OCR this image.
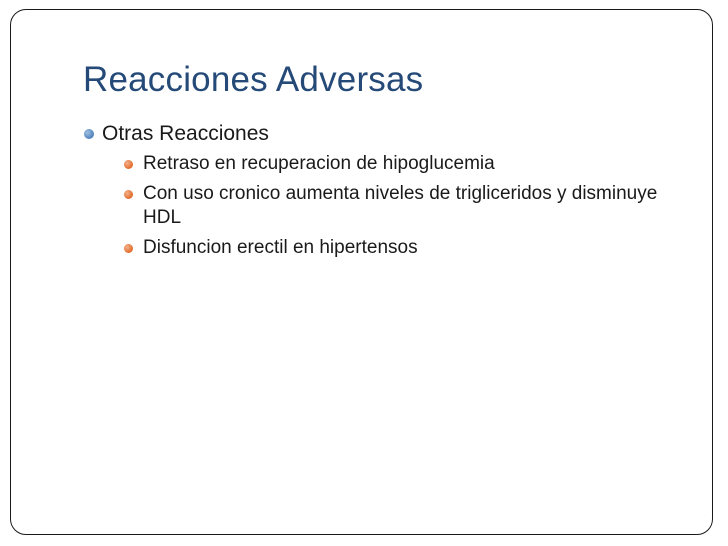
Reacciones Adversas
Otras Reacciones
Retraso en recuperacion de hipoglucemia
Con uso cronico aumenta niveles de trigliceridos y disminuye HDL
Disfuncion erectil en hipertensos
